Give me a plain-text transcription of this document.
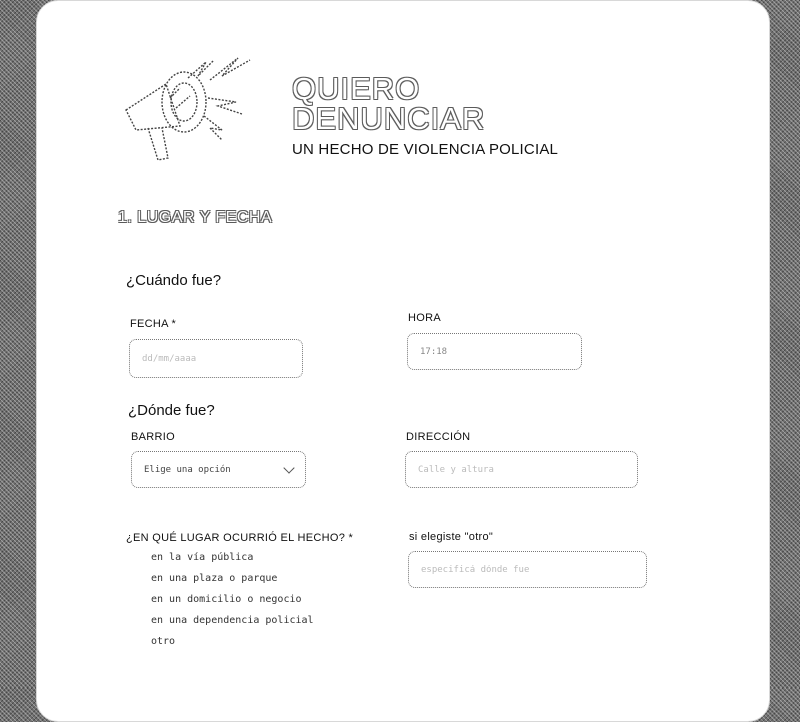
QUIERO
DENUNCIAR
UN HECHO DE VIOLENCIA POLICIAL
1. LUGAR Y FECHA
¿Cuándo fue?
FECHA *
dd/mm/aaaa	HORA
17:18
¿Dónde fue?
BARRIO
Elige una opción
DIRECCIÓN
Calle y altura
¿EN QUÉ LUGAR OCURRIÓ EL HECHO? *
en la vía pública
en una plaza o parque
en un domicilio o negocio
en una dependencia policial
otro
si elegiste "otro"
especificá dónde fue
